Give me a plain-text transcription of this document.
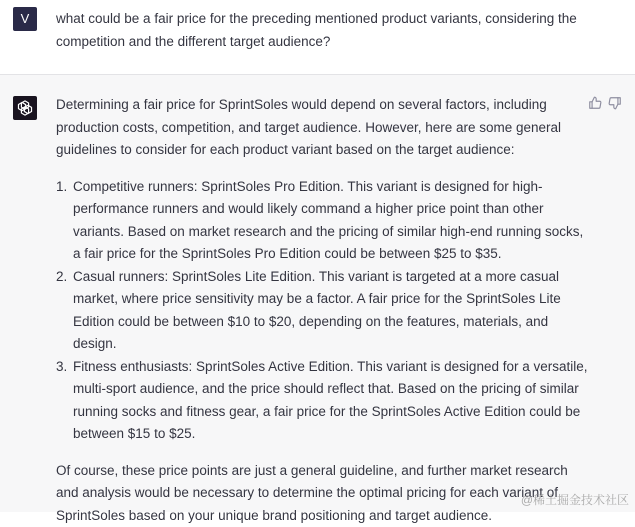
V	what could be a fair price for the preceding mentioned product variants, considering the competition and the different target audience?

Determining a fair price for SprintSoles would depend on several factors, including production costs, competition, and target audience. However, here are some general guidelines to consider for each product variant based on the target audience:

1. Competitive runners: SprintSoles Pro Edition. This variant is designed for high-performance runners and would likely command a higher price point than other variants. Based on market research and the pricing of similar high-end running socks, a fair price for the SprintSoles Pro Edition could be between $25 to $35.
2. Casual runners: SprintSoles Lite Edition. This variant is targeted at a more casual market, where price sensitivity may be a factor. A fair price for the SprintSoles Lite Edition could be between $10 to $20, depending on the features, materials, and design.
3. Fitness enthusiasts: SprintSoles Active Edition. This variant is designed for a versatile, multi-sport audience, and the price should reflect that. Based on the pricing of similar running socks and fitness gear, a fair price for the SprintSoles Active Edition could be between $15 to $25.

Of course, these price points are just a general guideline, and further market research and analysis would be necessary to determine the optimal pricing for each variant of SprintSoles based on your unique brand positioning and target audience.

@稀土掘金技术社区
